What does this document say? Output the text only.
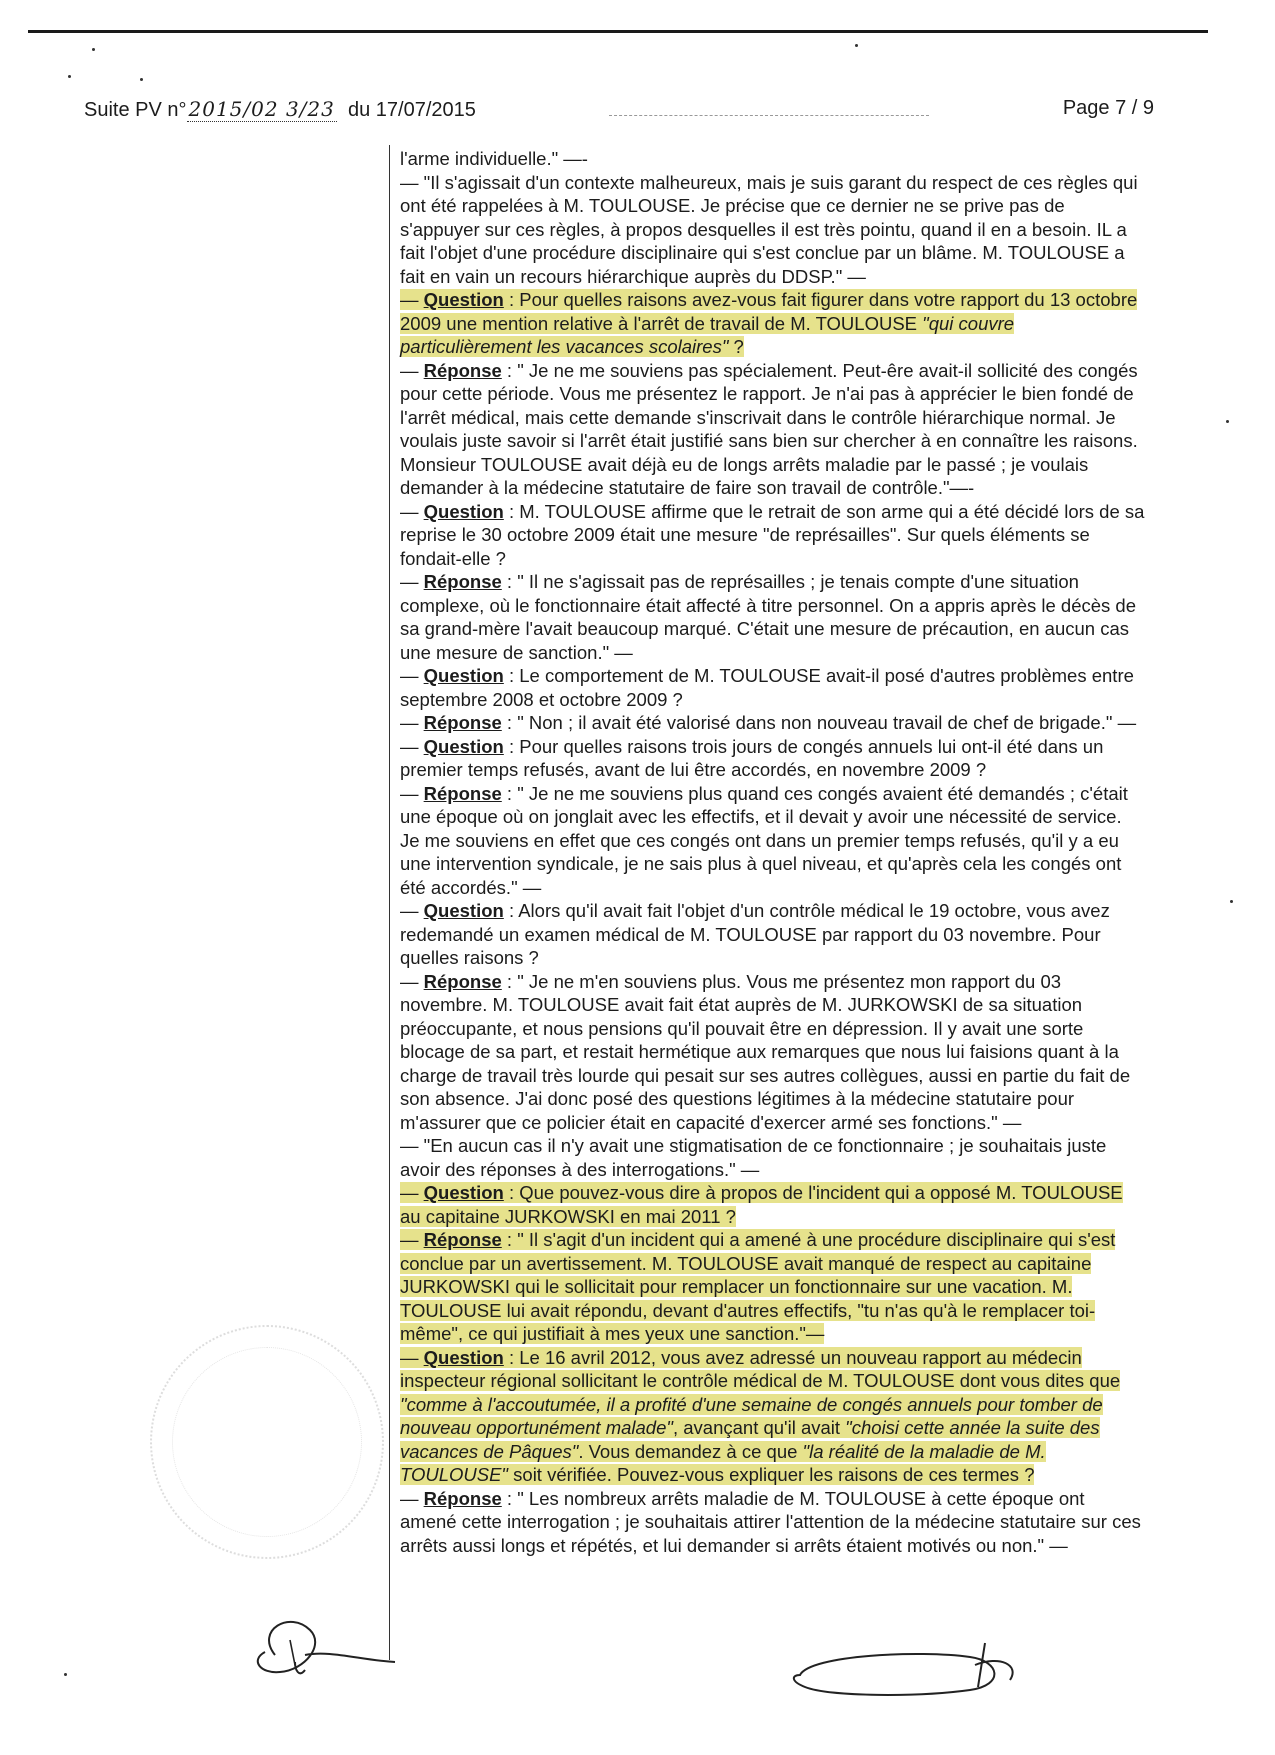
Suite PV n° 2015/02 3/23 du 17/07/2015	Page 7 / 9

l'arme individuelle." —-

— "Il s'agissait d'un contexte malheureux, mais je suis garant du respect de ces règles qui ont été rappelées à M. TOULOUSE. Je précise que ce dernier ne se prive pas de s'appuyer sur ces règles, à propos desquelles il est très pointu, quand il en a besoin. IL a fait l'objet d'une procédure disciplinaire qui s'est conclue par un blâme. M. TOULOUSE a fait en vain un recours hiérarchique auprès du DDSP." —

— Question : Pour quelles raisons avez-vous fait figurer dans votre rapport du 13 octobre 2009 une mention relative à l'arrêt de travail de M. TOULOUSE "qui couvre particulièrement les vacances scolaires" ?

— Réponse : " Je ne me souviens pas spécialement. Peut-êre avait-il sollicité des congés pour cette période. Vous me présentez le rapport. Je n'ai pas à apprécier le bien fondé de l'arrêt médical, mais cette demande s'inscrivait dans le contrôle hiérarchique normal. Je voulais juste savoir si l'arrêt était justifié sans bien sur chercher à en connaître les raisons. Monsieur TOULOUSE avait déjà eu de longs arrêts maladie par le passé ; je voulais demander à la médecine statutaire de faire son travail de contrôle."—-

— Question : M. TOULOUSE affirme que le retrait de son arme qui a été décidé lors de sa reprise le 30 octobre 2009 était une mesure "de représailles". Sur quels éléments se fondait-elle ?

— Réponse : " Il ne s'agissait pas de représailles ; je tenais compte d'une situation complexe, où le fonctionnaire était affecté à titre personnel. On a appris après le décès de sa grand-mère l'avait beaucoup marqué. C'était une mesure de précaution, en aucun cas une mesure de sanction." —

— Question : Le comportement de M. TOULOUSE avait-il posé d'autres problèmes entre septembre 2008 et octobre 2009 ?

— Réponse : " Non ; il avait été valorisé dans non nouveau travail de chef de brigade." —

— Question : Pour quelles raisons trois jours de congés annuels lui ont-il été dans un premier temps refusés, avant de lui être accordés, en novembre 2009 ?

— Réponse : " Je ne me souviens plus quand ces congés avaient été demandés ; c'était une époque où on jonglait avec les effectifs, et il devait y avoir une nécessité de service. Je me souviens en effet que ces congés ont dans un premier temps refusés, qu'il y a eu une intervention syndicale, je ne sais plus à quel niveau, et qu'après cela les congés ont été accordés." —

— Question : Alors qu'il avait fait l'objet d'un contrôle médical le 19 octobre, vous avez redemandé un examen médical de M. TOULOUSE par rapport du 03 novembre. Pour quelles raisons ?

— Réponse : " Je ne m'en souviens plus. Vous me présentez mon rapport du 03 novembre. M. TOULOUSE avait fait état auprès de M. JURKOWSKI de sa situation préoccupante, et nous pensions qu'il pouvait être en dépression. Il y avait une sorte blocage de sa part, et restait hermétique aux remarques que nous lui faisions quant à la charge de travail très lourde qui pesait sur ses autres collègues, aussi en partie du fait de son absence. J'ai donc posé des questions légitimes à la médecine statutaire pour m'assurer que ce policier était en capacité d'exercer armé ses fonctions." —

— "En aucun cas il n'y avait une stigmatisation de ce fonctionnaire ; je souhaitais juste avoir des réponses à des interrogations." —

— Question : Que pouvez-vous dire à propos de l'incident qui a opposé M. TOULOUSE au capitaine JURKOWSKI en mai 2011 ?

— Réponse : " Il s'agit d'un incident qui a amené à une procédure disciplinaire qui s'est conclue par un avertissement. M. TOULOUSE avait manqué de respect au capitaine JURKOWSKI qui le sollicitait pour remplacer un fonctionnaire sur une vacation. M. TOULOUSE lui avait répondu, devant d'autres effectifs, "tu n'as qu'à le remplacer toi-même", ce qui justifiait à mes yeux une sanction."—

— Question : Le 16 avril 2012, vous avez adressé un nouveau rapport au médecin inspecteur régional sollicitant le contrôle médical de M. TOULOUSE dont vous dites que "comme à l'accoutumée, il a profité d'une semaine de congés annuels pour tomber de nouveau opportunément malade", avançant qu'il avait "choisi cette année la suite des vacances de Pâques". Vous demandez à ce que "la réalité de la maladie de M. TOULOUSE" soit vérifiée. Pouvez-vous expliquer les raisons de ces termes ?

— Réponse : " Les nombreux arrêts maladie de M. TOULOUSE à cette époque ont amené cette interrogation ; je souhaitais attirer l'attention de la médecine statutaire sur ces arrêts aussi longs et répétés, et lui demander si arrêts étaient motivés ou non." —
